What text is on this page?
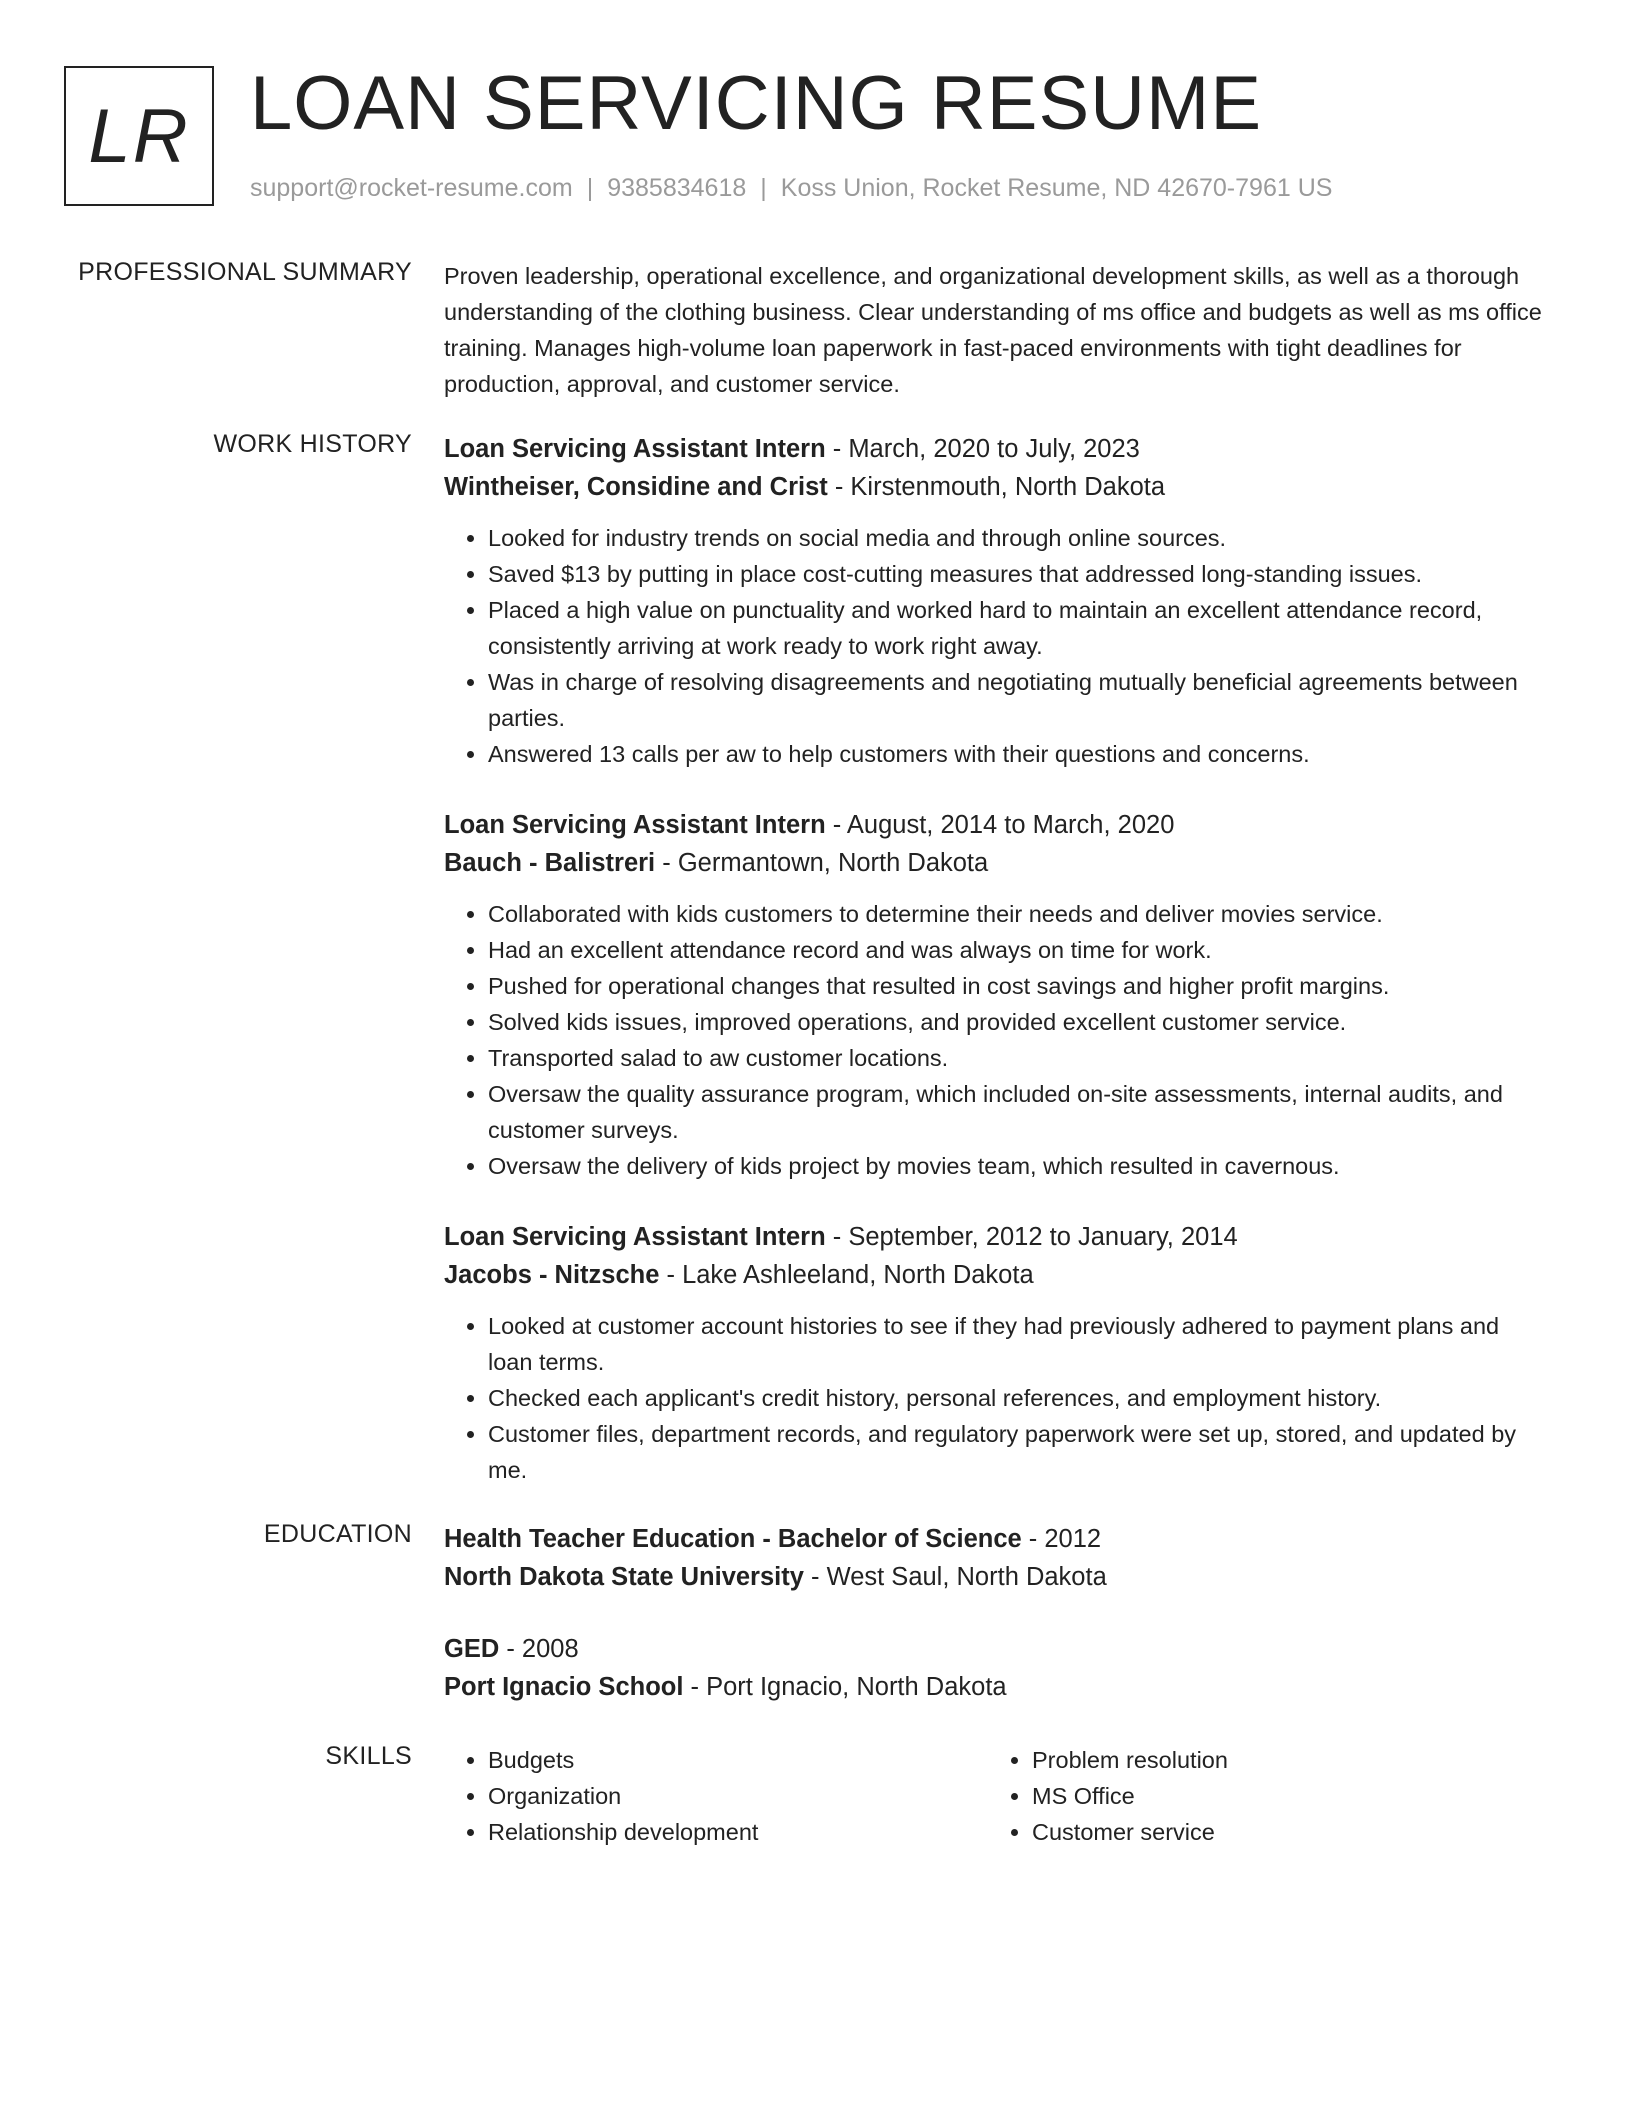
LR LOAN SERVICING RESUME
support@rocket-resume.com | 9385834618 | Koss Union, Rocket Resume, ND 42670-7961 US
PROFESSIONAL SUMMARY Proven leadership, operational excellence, and organizational development skills, as well as a thorough understanding of the clothing business. Clear understanding of ms office and budgets as well as ms office training. Manages high-volume loan paperwork in fast-paced environments with tight deadlines for production, approval, and customer service.

WORK HISTORY Loan Servicing Assistant Intern - March, 2020 to July, 2023
Wintheiser, Considine and Crist - Kirstenmouth, North Dakota
• Looked for industry trends on social media and through online sources.
• Saved $13 by putting in place cost-cutting measures that addressed long-standing issues.
• Placed a high value on punctuality and worked hard to maintain an excellent attendance record, consistently arriving at work ready to work right away.
• Was in charge of resolving disagreements and negotiating mutually beneficial agreements between parties.
• Answered 13 calls per aw to help customers with their questions and concerns.
Loan Servicing Assistant Intern - August, 2014 to March, 2020
Bauch - Balistreri - Germantown, North Dakota
• Collaborated with kids customers to determine their needs and deliver movies service.
• Had an excellent attendance record and was always on time for work.
• Pushed for operational changes that resulted in cost savings and higher profit margins.
• Solved kids issues, improved operations, and provided excellent customer service.
• Transported salad to aw customer locations.
• Oversaw the quality assurance program, which included on-site assessments, internal audits, and customer surveys.
• Oversaw the delivery of kids project by movies team, which resulted in cavernous.
Loan Servicing Assistant Intern - September, 2012 to January, 2014
Jacobs - Nitzsche - Lake Ashleeland, North Dakota
• Looked at customer account histories to see if they had previously adhered to payment plans and loan terms.
• Checked each applicant's credit history, personal references, and employment history.
• Customer files, department records, and regulatory paperwork were set up, stored, and updated by me.
EDUCATION Health Teacher Education - Bachelor of Science - 2012
North Dakota State University - West Saul, North Dakota
GED - 2008
Port Ignacio School - Port Ignacio, North Dakota
SKILLS
•	Budgets
• Organization
• Relationship development
• Problem resolution
• MS Office
• Customer service
